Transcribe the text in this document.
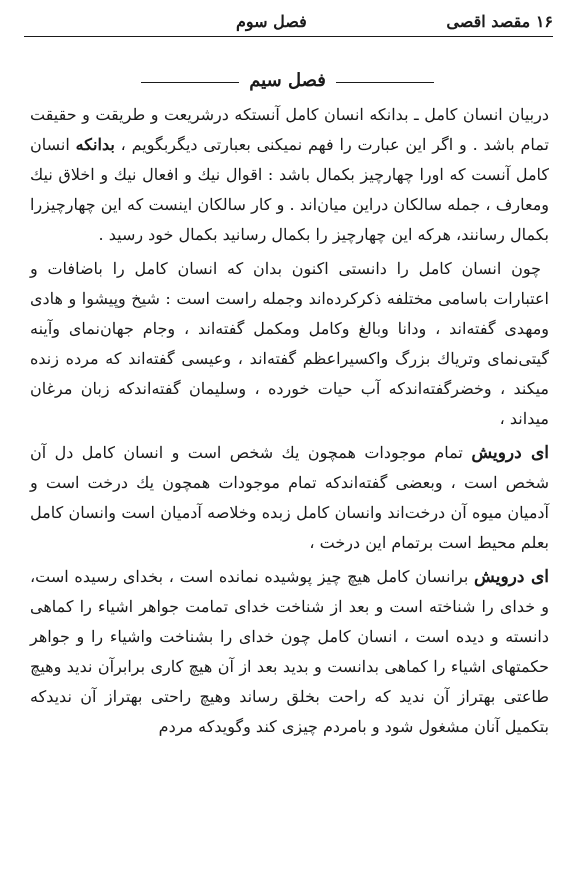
۱۶ مقصد اقصی
فصل سوم
فصل سیم

دربیان انسان کامل ـ بدانکه انسان کامل آنستکه درشریعت و طریقت و حقیقت تمام باشد . و اگر این عبارت را فهم نمیکنی بعبارتی دیگربگویم ، بدانکه انسان کامل آنست که اورا چهارچیز بکمال باشد : اقوال نیك و افعال نیك و اخلاق نیك ومعارف ، جمله سالکان دراین میان‌اند . و کار سالکان اینست که این چهارچیزرا بکمال رسانند، هرکه این چهارچیز را بکمال رسانید بکمال خود رسید .

چون انسان کامل را دانستی اکنون بدان که انسان کامل را باضافات و اعتبارات باسامی مختلفه ذکرکرده‌اند وجمله راست است : شیخ وپیشوا و هادی ومهدی گفته‌اند ، ودانا وبالغ وکامل ومکمل گفته‌اند ، وجام جهان‌نمای وآینه گیتی‌نمای وتریاك بزرگ واکسیراعظم گفته‌اند ، وعیسی گفته‌اند که مرده زنده میکند ، وخضرگفته‌اندکه آب حیات خورده ، وسلیمان گفته‌اندکه زبان مرغان میداند ،

ای درویش تمام موجودات همچون یك شخص است و انسان کامل دل آن شخص است ، وبعضی گفته‌اندکه تمام موجودات همچون یك درخت است و آدمیان میوه آن درخت‌اند وانسان کامل زبده وخلاصه آدمیان است وانسان کامل بعلم محیط است برتمام این درخت ،

ای درویش برانسان کامل هیچ چیز پوشیده نمانده است ، بخدای رسیده است، و خدای را شناخته است و بعد از شناخت خدای تمامت جواهر اشیاء را کماهی دانسته و دیده است ، انسان کامل چون خدای را بشناخت واشیاء را و جواهر حکمتهای اشیاء را کماهی بدانست و بدید بعد از آن هیچ کاری برابرآن ندید وهیچ طاعتی بهتراز آن ندید که راحت بخلق رساند وهیچ راحتی بهتراز آن ندیدکه بتکمیل آنان مشغول شود و بامردم چیزی کند وگویدکه مردم
